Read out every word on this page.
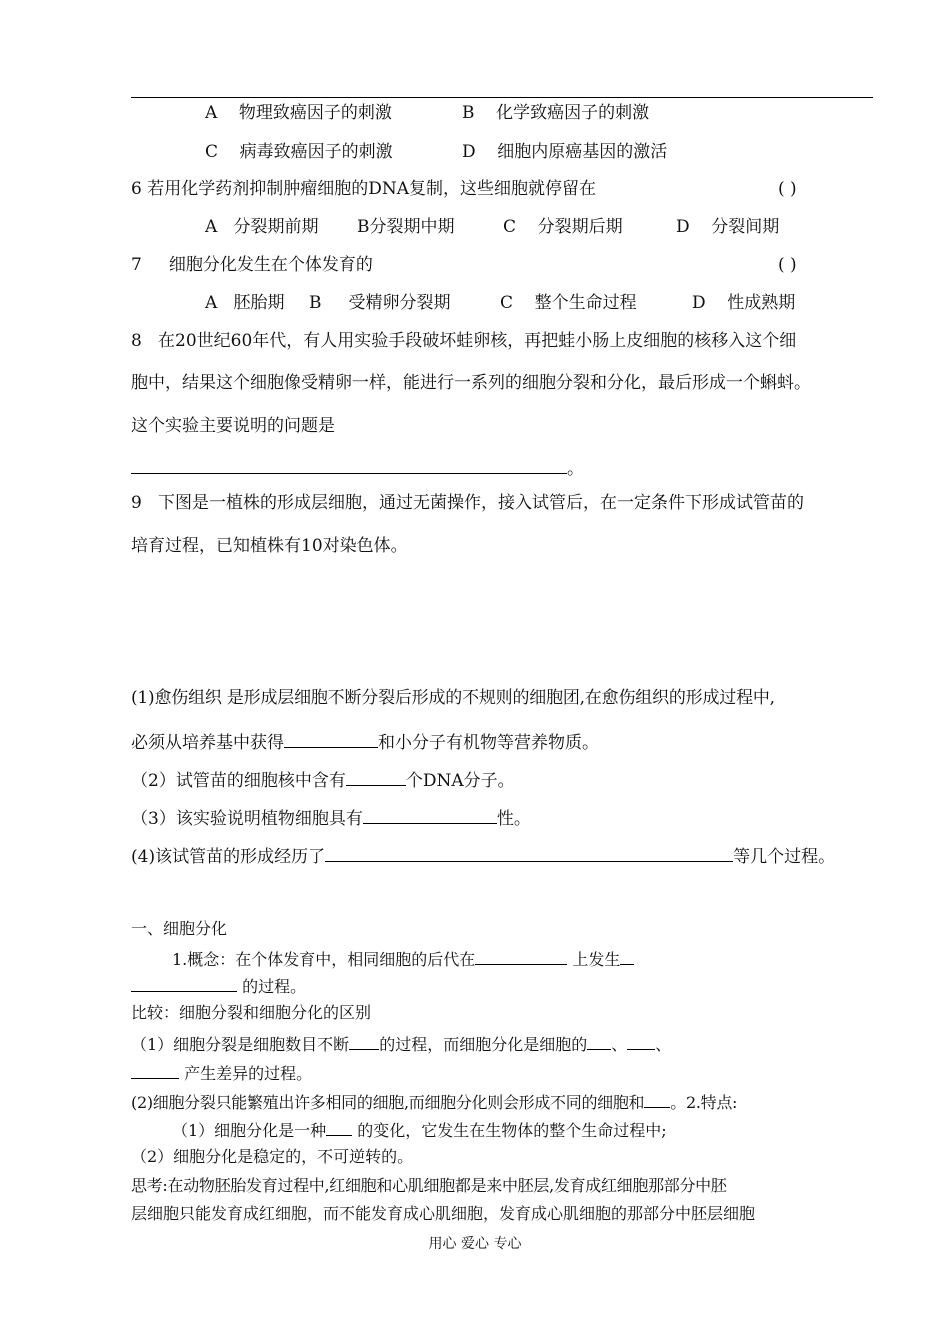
A 物理致癌因子的刺激	B 化学致癌因子的刺激
C 病毒致癌因子的刺激	D 细胞内原癌基因的激活
6 若用化学药剂抑制肿瘤细胞的DNA复制，这些细胞就停留在	( )
A 分裂期前期 B分裂期中期	C 分裂期后期	D 分裂间期
7 细胞分化发生在个体发育的	( )
A 胚胎期 B 受精卵分裂期	C 整个生命过程	D 性成熟期
8 在20世纪60年代，有人用实验手段破坏蛙卵核，再把蛙小肠上皮细胞的核移入这个细
胞中，结果这个细胞像受精卵一样，能进行一系列的细胞分裂和分化，最后形成一个蝌蚪。
这个实验主要说明的问题是
。
9 下图是一植株的形成层细胞，通过无菌操作，接入试管后，在一定条件下形成试管苗的
培育过程，已知植株有10对染色体。
(1)愈伤组织 是形成层细胞不断分裂后形成的不规则的细胞团,在愈伤组织的形成过程中,
必须从培养基中获得	和小分子有机物等营养物质。
（2）试管苗的细胞核中含有	个DNA分子。
（3）该实验说明植物细胞具有	性。
(4)该试管苗的形成经历了	等几个过程。
一、细胞分化
1.概念：在个体发育中，相同细胞的后代在	上发生
的过程。
比较：细胞分裂和细胞分化的区别
（1）细胞分裂是细胞数目不断 的过程，而细胞分化是细胞的 、 、
产生差异的过程。
(2)细胞分裂只能繁殖出许多相同的细胞,而细胞分化则会形成不同的细胞和 。2.特点:
（1）细胞分化是一种 的变化，它发生在生物体的整个生命过程中;
（2）细胞分化是稳定的，不可逆转的。
思考:在动物胚胎发育过程中,红细胞和心肌细胞都是来中胚层,发育成红细胞那部分中胚
层细胞只能发育成红细胞，而不能发育成心肌细胞，发育成心肌细胞的那部分中胚层细胞
用心 爱心 专心
